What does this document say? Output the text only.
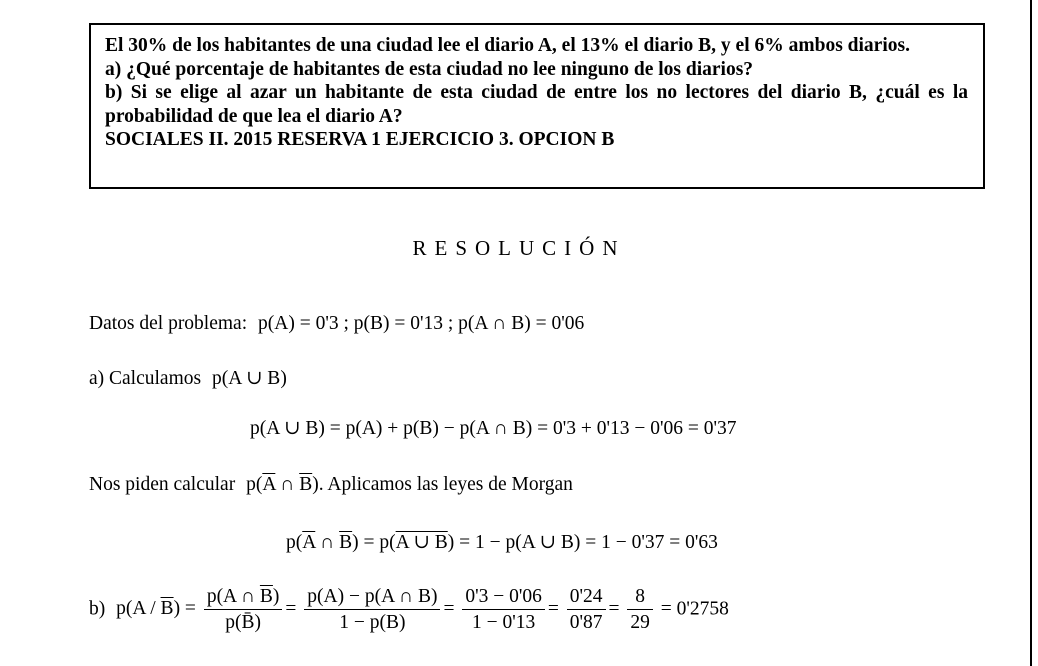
El 30% de los habitantes de una ciudad lee el diario A, el 13% el diario B, y el 6% ambos diarios.
a) ¿Qué porcentaje de habitantes de esta ciudad no lee ninguno de los diarios?
b) Si se elige al azar un habitante de esta ciudad de entre los no lectores del diario B, ¿cuál es la probabilidad de que lea el diario A?
SOCIALES II. 2015 RESERVA 1 EJERCICIO 3. OPCION B
RESOLUCIÓN
Datos del problema: p(A) = 0'3 ; p(B) = 0'13 ; p(A ∩ B) = 0'06
a) Calculamos p(A ∪ B)
p(A ∪ B) = p(A) + p(B) − p(A ∩ B) = 0'3 + 0'13 − 0'06 = 0'37
Nos piden calcular $p(\overline{A}$ ∩ $\overline{B}$). Aplicamos las leyes de Morgan
$p(\overline{A}$ ∩ $\overline{B}) = p(A$ ∪ B) = 1 − p(A ∪ B) = 1 − 0'37 = 0'63
b) $p(A / \overline{B}) = \frac{p(A \cap \overline{B})}{p(B̄)} = \frac{p(A) - p(A \cap B)}{1 - p(B)} = \frac{0'3 - 0'06}{1 - 0'13} = \frac{0'24}{0'87} = \frac{8}{29} = 0'2758$
